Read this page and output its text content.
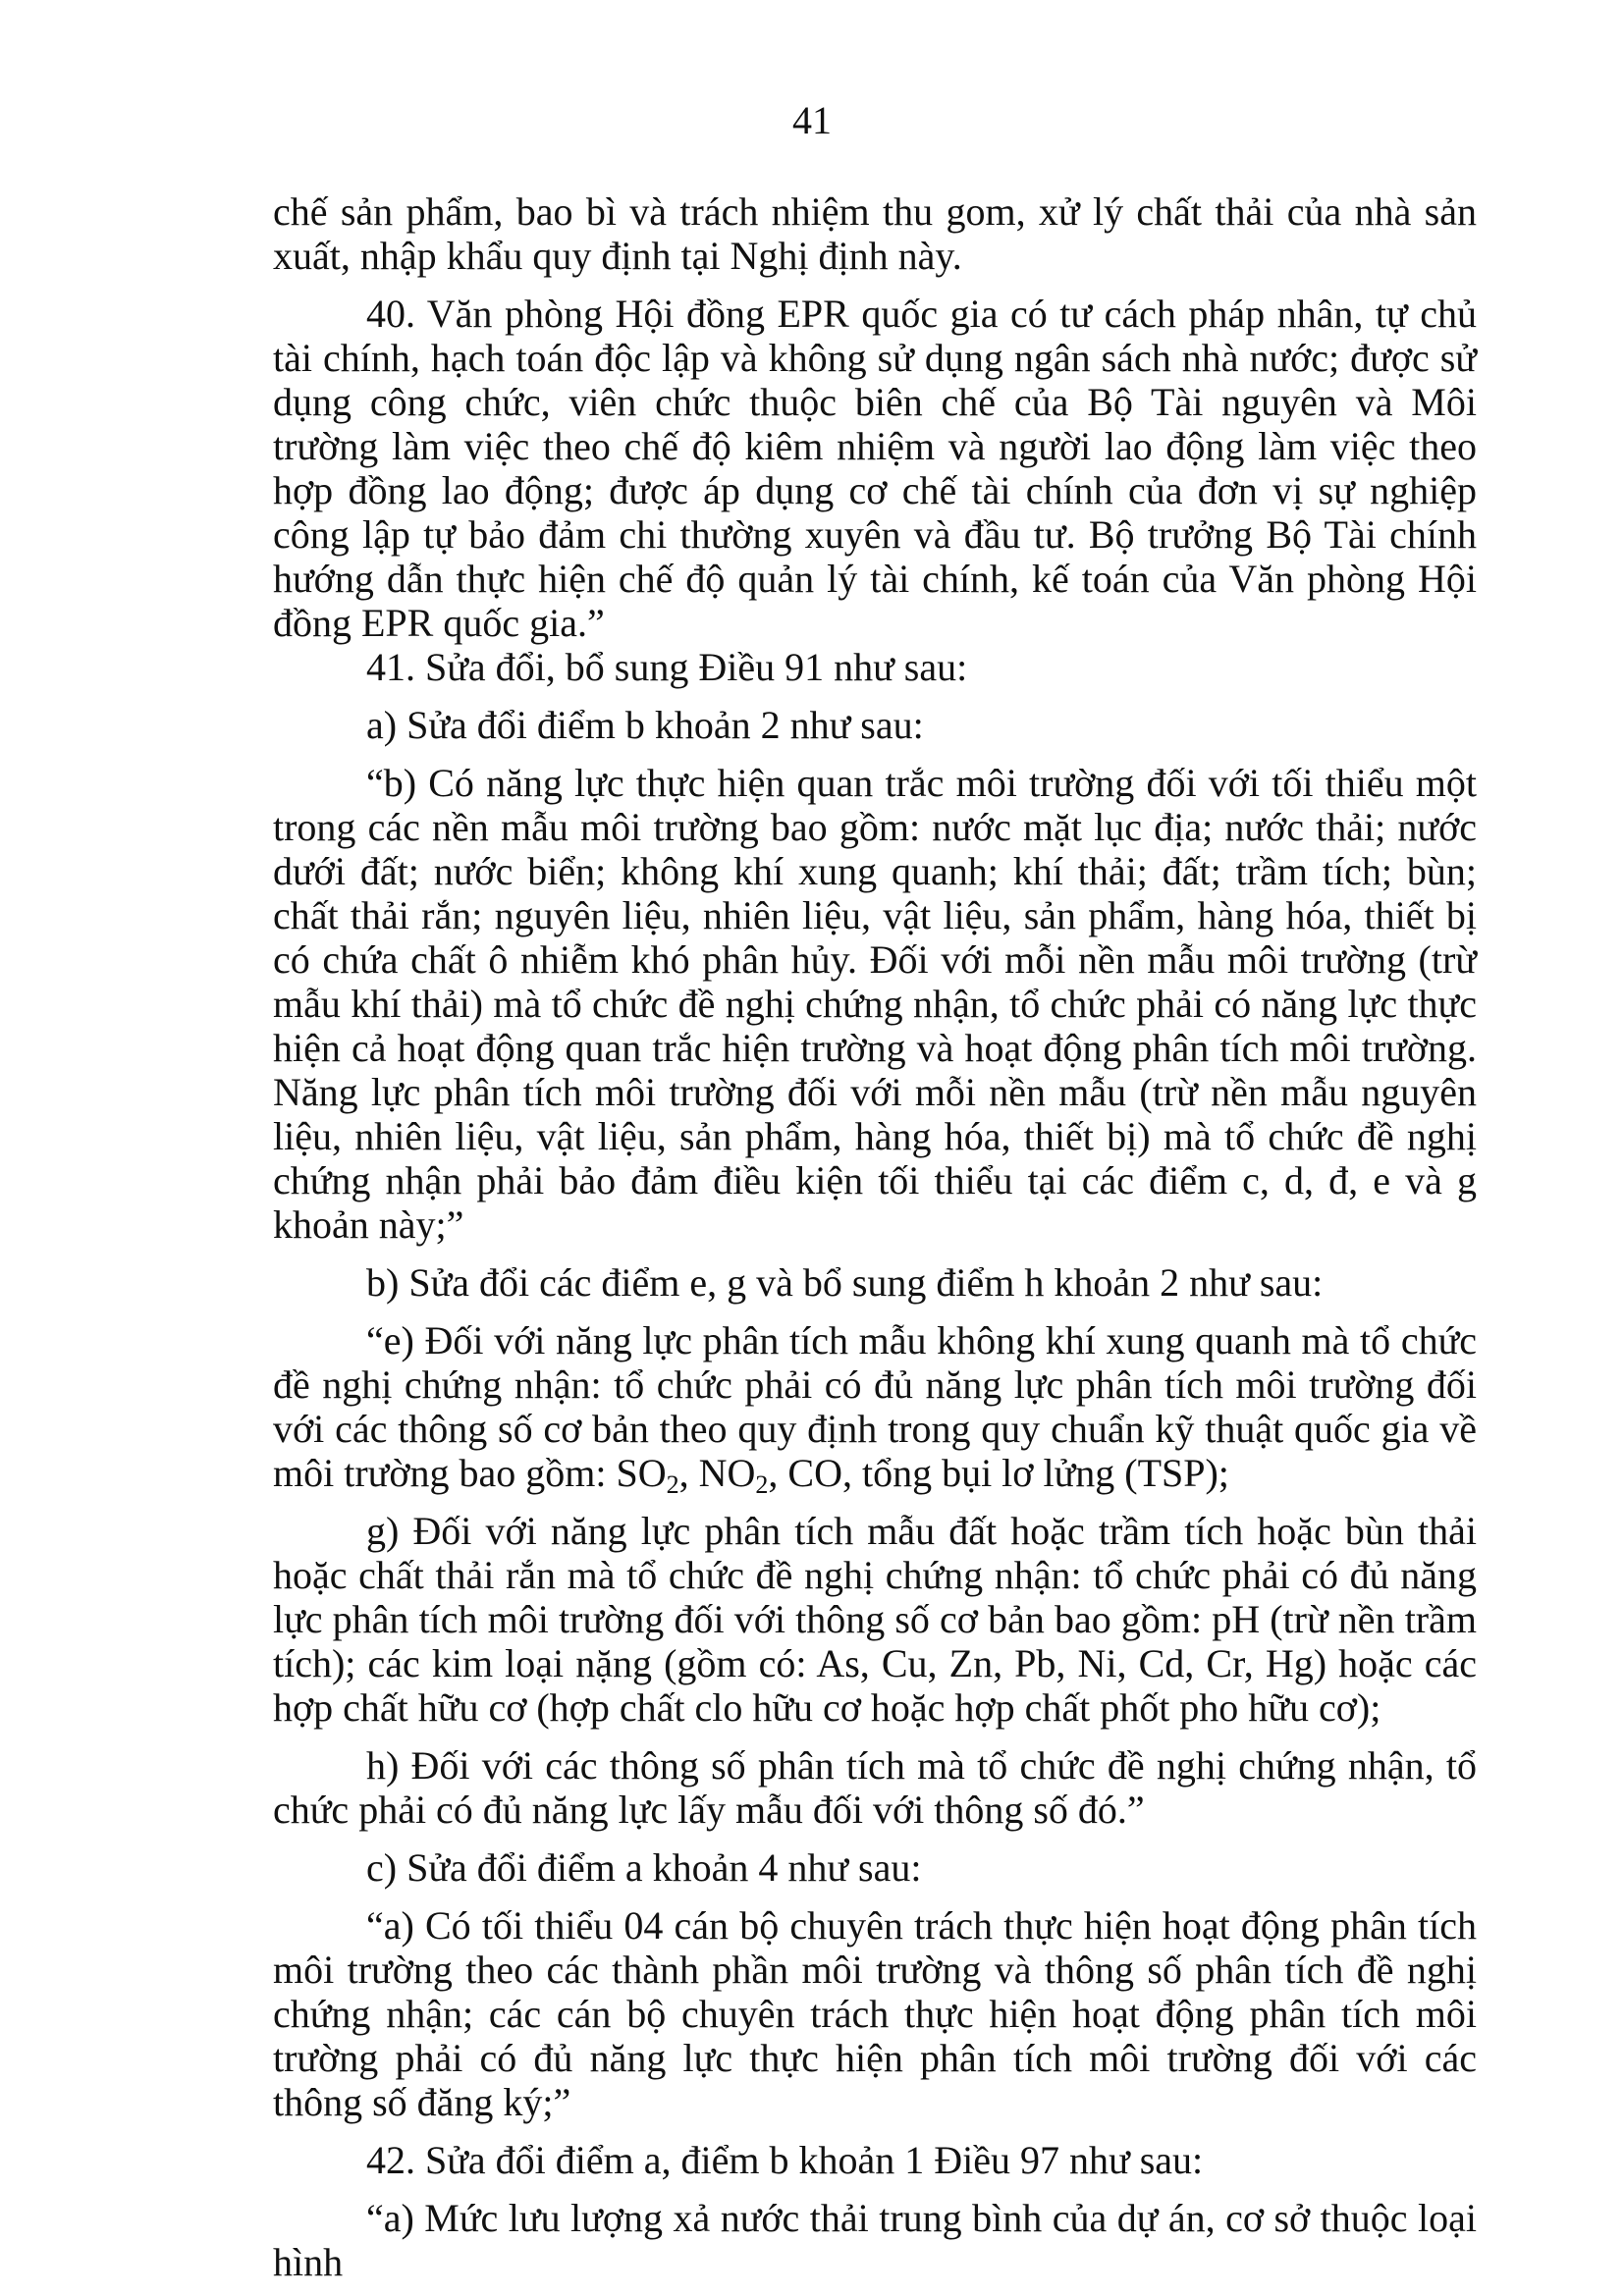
41

chế sản phẩm, bao bì và trách nhiệm thu gom, xử lý chất thải của nhà sản xuất, nhập khẩu quy định tại Nghị định này.

40. Văn phòng Hội đồng EPR quốc gia có tư cách pháp nhân, tự chủ tài chính, hạch toán độc lập và không sử dụng ngân sách nhà nước; được sử dụng công chức, viên chức thuộc biên chế của Bộ Tài nguyên và Môi trường làm việc theo chế độ kiêm nhiệm và người lao động làm việc theo hợp đồng lao động; được áp dụng cơ chế tài chính của đơn vị sự nghiệp công lập tự bảo đảm chi thường xuyên và đầu tư. Bộ trưởng Bộ Tài chính hướng dẫn thực hiện chế độ quản lý tài chính, kế toán của Văn phòng Hội đồng EPR quốc gia.”

41. Sửa đổi, bổ sung Điều 91 như sau:

a) Sửa đổi điểm b khoản 2 như sau:

“b) Có năng lực thực hiện quan trắc môi trường đối với tối thiểu một trong các nền mẫu môi trường bao gồm: nước mặt lục địa; nước thải; nước dưới đất; nước biển; không khí xung quanh; khí thải; đất; trầm tích; bùn; chất thải rắn; nguyên liệu, nhiên liệu, vật liệu, sản phẩm, hàng hóa, thiết bị có chứa chất ô nhiễm khó phân hủy. Đối với mỗi nền mẫu môi trường (trừ mẫu khí thải) mà tổ chức đề nghị chứng nhận, tổ chức phải có năng lực thực hiện cả hoạt động quan trắc hiện trường và hoạt động phân tích môi trường. Năng lực phân tích môi trường đối với mỗi nền mẫu (trừ nền mẫu nguyên liệu, nhiên liệu, vật liệu, sản phẩm, hàng hóa, thiết bị) mà tổ chức đề nghị chứng nhận phải bảo đảm điều kiện tối thiểu tại các điểm c, d, đ, e và g khoản này;”

b) Sửa đổi các điểm e, g và bổ sung điểm h khoản 2 như sau:

“e) Đối với năng lực phân tích mẫu không khí xung quanh mà tổ chức đề nghị chứng nhận: tổ chức phải có đủ năng lực phân tích môi trường đối với các thông số cơ bản theo quy định trong quy chuẩn kỹ thuật quốc gia về môi trường bao gồm: $SO_2$, $NO_2$, CO, tổng bụi lơ lửng (TSP);

g) Đối với năng lực phân tích mẫu đất hoặc trầm tích hoặc bùn thải hoặc chất thải rắn mà tổ chức đề nghị chứng nhận: tổ chức phải có đủ năng lực phân tích môi trường đối với thông số cơ bản bao gồm: pH (trừ nền trầm tích); các kim loại nặng (gồm có: As, Cu, Zn, Pb, Ni, Cd, Cr, Hg) hoặc các hợp chất hữu cơ (hợp chất clo hữu cơ hoặc hợp chất phốt pho hữu cơ);

h) Đối với các thông số phân tích mà tổ chức đề nghị chứng nhận, tổ chức phải có đủ năng lực lấy mẫu đối với thông số đó.”

c) Sửa đổi điểm a khoản 4 như sau:

“a) Có tối thiểu 04 cán bộ chuyên trách thực hiện hoạt động phân tích môi trường theo các thành phần môi trường và thông số phân tích đề nghị chứng nhận; các cán bộ chuyên trách thực hiện hoạt động phân tích môi trường phải có đủ năng lực thực hiện phân tích môi trường đối với các thông số đăng ký;”

42. Sửa đổi điểm a, điểm b khoản 1 Điều 97 như sau:

“a) Mức lưu lượng xả nước thải trung bình của dự án, cơ sở thuộc loại hình
